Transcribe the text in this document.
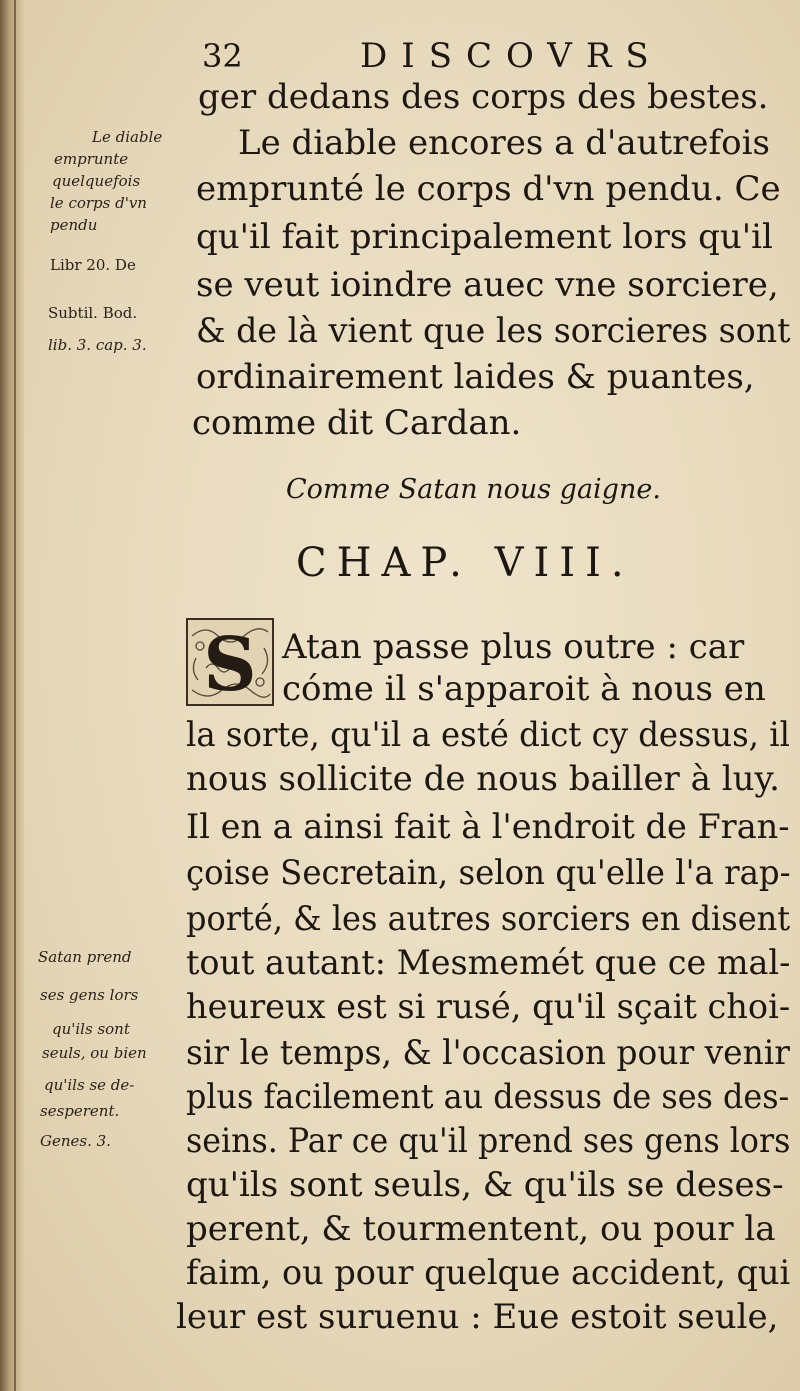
32	DISCOVRS
Le diable
emprunte
quelquefois
le corps d'vn
pendu
Libr 20. De
Subtil. Bod.
lib. 3. cap. 3.
Satan prend
ses gens lors
qu'ils sont
seuls, ou bien
qu'ils se de-
sesperent.
Genes. 3.
ger dedans des corps des bestes.
Le diable encores a d'autrefois
emprunté le corps d'vn pendu. Ce
qu'il fait principalement lors qu'il
se veut ioindre auec vne sorciere,
& de là vient que les sorcieres sont
ordinairement laides & puantes,
comme dit Cardan.
Comme Satan nous gaigne.
CHAP. VIII.
S Atan passe plus outre : car
cóme il s'apparoit à nous en
la sorte, qu'il a esté dict cy dessus, il
nous sollicite de nous bailler à luy.
Il en a ainsi fait à l'endroit de Fran-
çoise Secretain, selon qu'elle l'a rap-
porté, & les autres sorciers en disent
tout autant: Mesmemét que ce mal-
heureux est si rusé, qu'il sçait choi-
sir le temps, & l'occasion pour venir
plus facilement au dessus de ses des-
seins. Par ce qu'il prend ses gens lors
qu'ils sont seuls, & qu'ils se deses-
perent, & tourmentent, ou pour la
faim, ou pour quelque accident, qui
leur est suruenu : Eue estoit seule,
